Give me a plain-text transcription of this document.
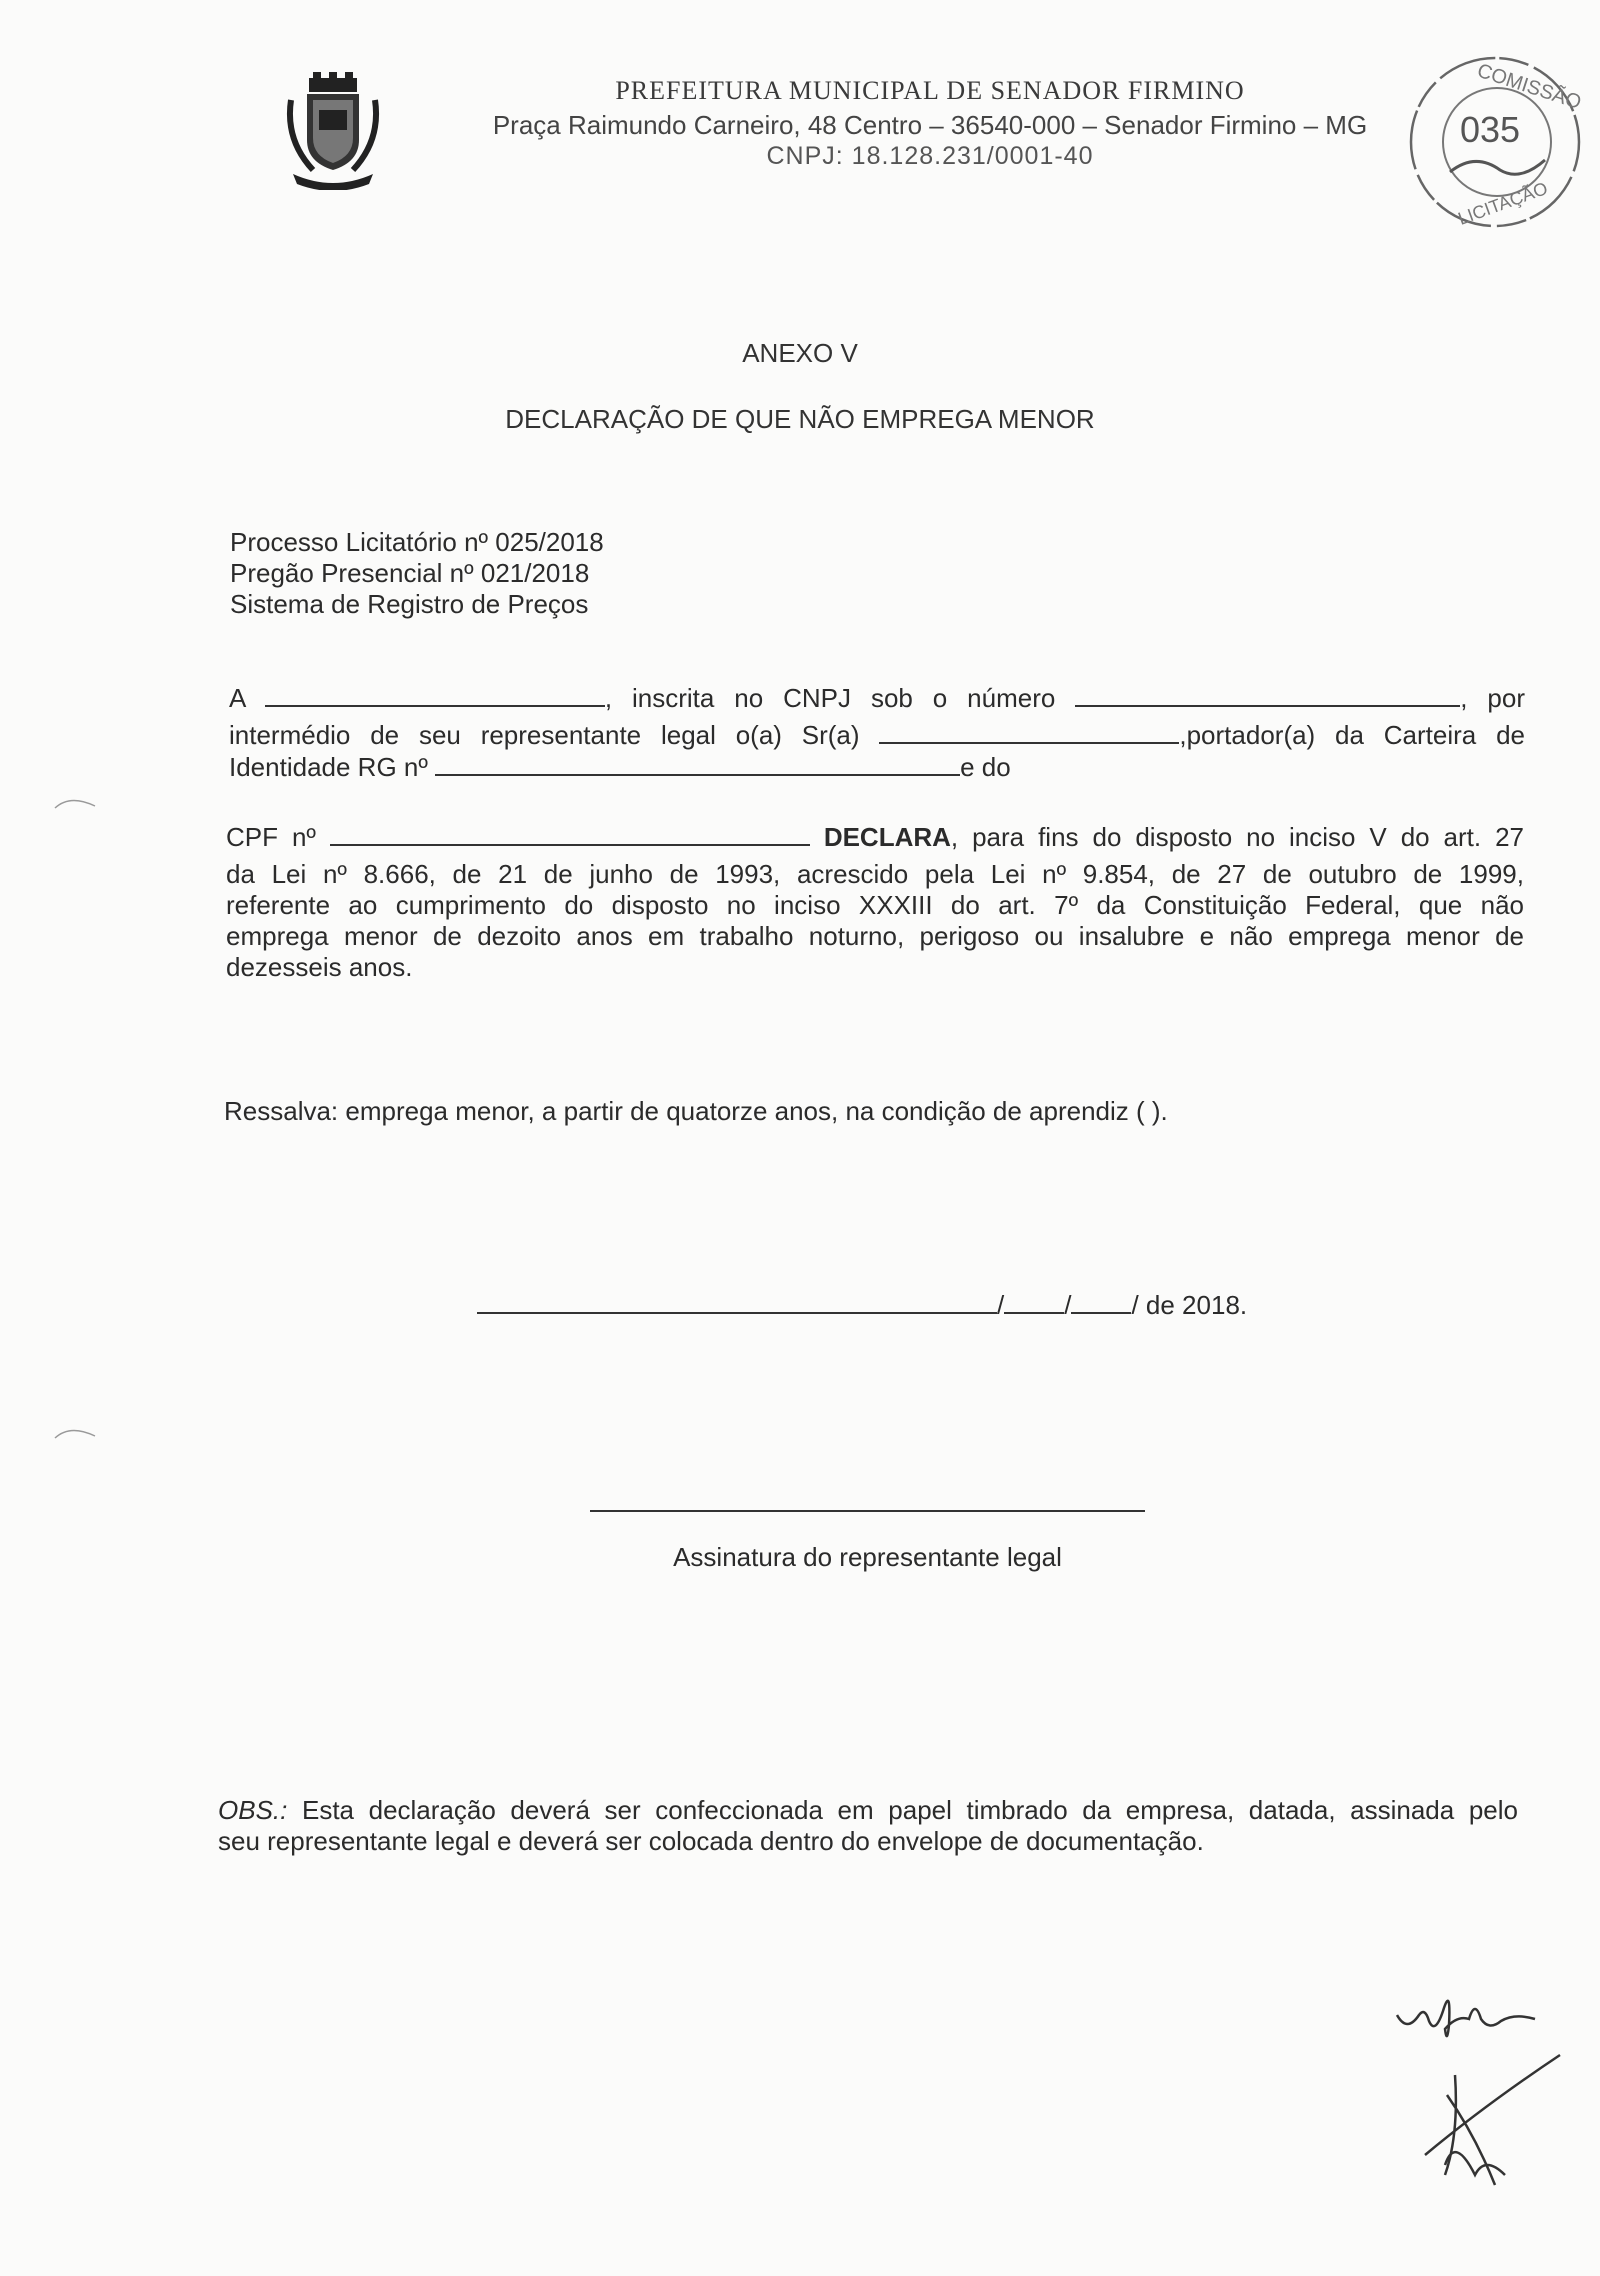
PREFEITURA MUNICIPAL DE SENADOR FIRMINO
Praça Raimundo Carneiro, 48 Centro – 36540-000 – Senador Firmino – MG
CNPJ: 18.128.231/0001-40
COMISSÃO
LICITAÇÃO
035
ANEXO V
DECLARAÇÃO DE QUE NÃO EMPREGA MENOR
Processo Licitatório nº 025/2018
Pregão Presencial nº 021/2018
Sistema de Registro de Preços
A	, inscrita no CNPJ sob o número	, por
intermédio de seu representante legal o(a) Sr(a)	,portador(a) da Carteira de
Identidade RG nº	e do
CPF nº	DECLARA, para fins do disposto no inciso V do art. 27
da Lei nº 8.666, de 21 de junho de 1993, acrescido pela Lei nº 9.854, de 27 de outubro de 1999,
referente ao cumprimento do disposto no inciso XXXIII do art. 7º da Constituição Federal, que não
emprega menor de dezoito anos em trabalho noturno, perigoso ou insalubre e não emprega menor de
dezesseis anos.
Ressalva: emprega menor, a partir de quatorze anos, na condição de aprendiz ( ).
/ / / de 2018.
Assinatura do representante legal
OBS.: Esta declaração deverá ser confeccionada em papel timbrado da empresa, datada, assinada pelo
seu representante legal e deverá ser colocada dentro do envelope de documentação.
